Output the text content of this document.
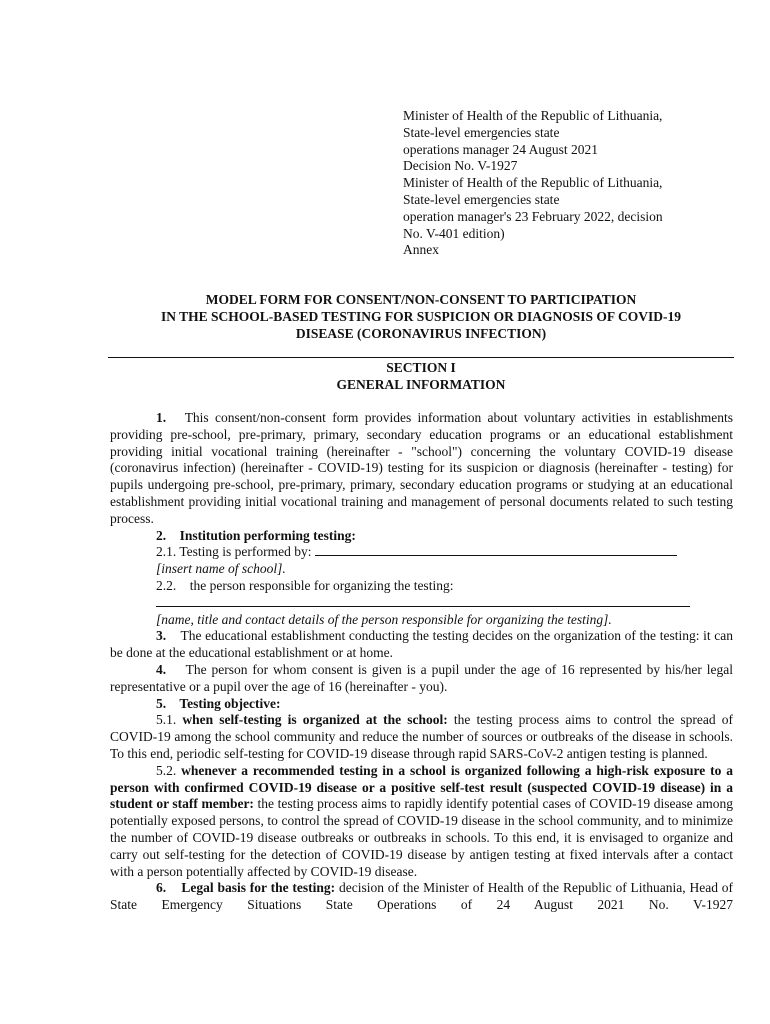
Minister of Health of the Republic of Lithuania,
State-level emergencies state
operations manager 24 August 2021
Decision No. V-1927
Minister of Health of the Republic of Lithuania,
State-level emergencies state
operation manager's 23 February 2022, decision
No. V-401 edition)
Annex
MODEL FORM FOR CONSENT/NON-CONSENT TO PARTICIPATION
IN THE SCHOOL-BASED TESTING FOR SUSPICION OR DIAGNOSIS OF COVID-19
DISEASE (CORONAVIRUS INFECTION)
SECTION I
GENERAL INFORMATION
1. This consent/non-consent form provides information about voluntary activities in establishments providing pre-school, pre-primary, primary, secondary education programs or an educational establishment providing initial vocational training (hereinafter - "school") concerning the voluntary COVID-19 disease (coronavirus infection) (hereinafter - COVID-19) testing for its suspicion or diagnosis (hereinafter - testing) for pupils undergoing pre-school, pre-primary, primary, secondary education programs or studying at an educational establishment providing initial vocational training and management of personal documents related to such testing process.
2.    Institution performing testing:
2.1. Testing is performed by:
[insert name of school].
2.2.    the person responsible for organizing the testing:
[name, title and contact details of the person responsible for organizing the testing].
3. The educational establishment conducting the testing decides on the organization of the testing: it can be done at the educational establishment or at home.
4. The person for whom consent is given is a pupil under the age of 16 represented by his/her legal representative or a pupil over the age of 16 (hereinafter - you).
5.    Testing objective:
5.1. when self-testing is organized at the school: the testing process aims to control the spread of COVID-19 among the school community and reduce the number of sources or outbreaks of the disease in schools. To this end, periodic self-testing for COVID-19 disease through rapid SARS-CoV-2 antigen testing is planned.
5.2. whenever a recommended testing in a school is organized following a high-risk exposure to a person with confirmed COVID-19 disease or a positive self-test result (suspected COVID-19 disease) in a student or staff member: the testing process aims to rapidly identify potential cases of COVID-19 disease among potentially exposed persons, to control the spread of COVID-19 disease in the school community, and to minimize the number of COVID-19 disease outbreaks or outbreaks in schools. To this end, it is envisaged to organize and carry out self-testing for the detection of COVID-19 disease by antigen testing at fixed intervals after a contact with a person potentially affected by COVID-19 disease.
6. Legal basis for the testing: decision of the Minister of Health of the Republic of Lithuania, Head of State Emergency Situations State Operations of 24 August 2021 No. V-1927
